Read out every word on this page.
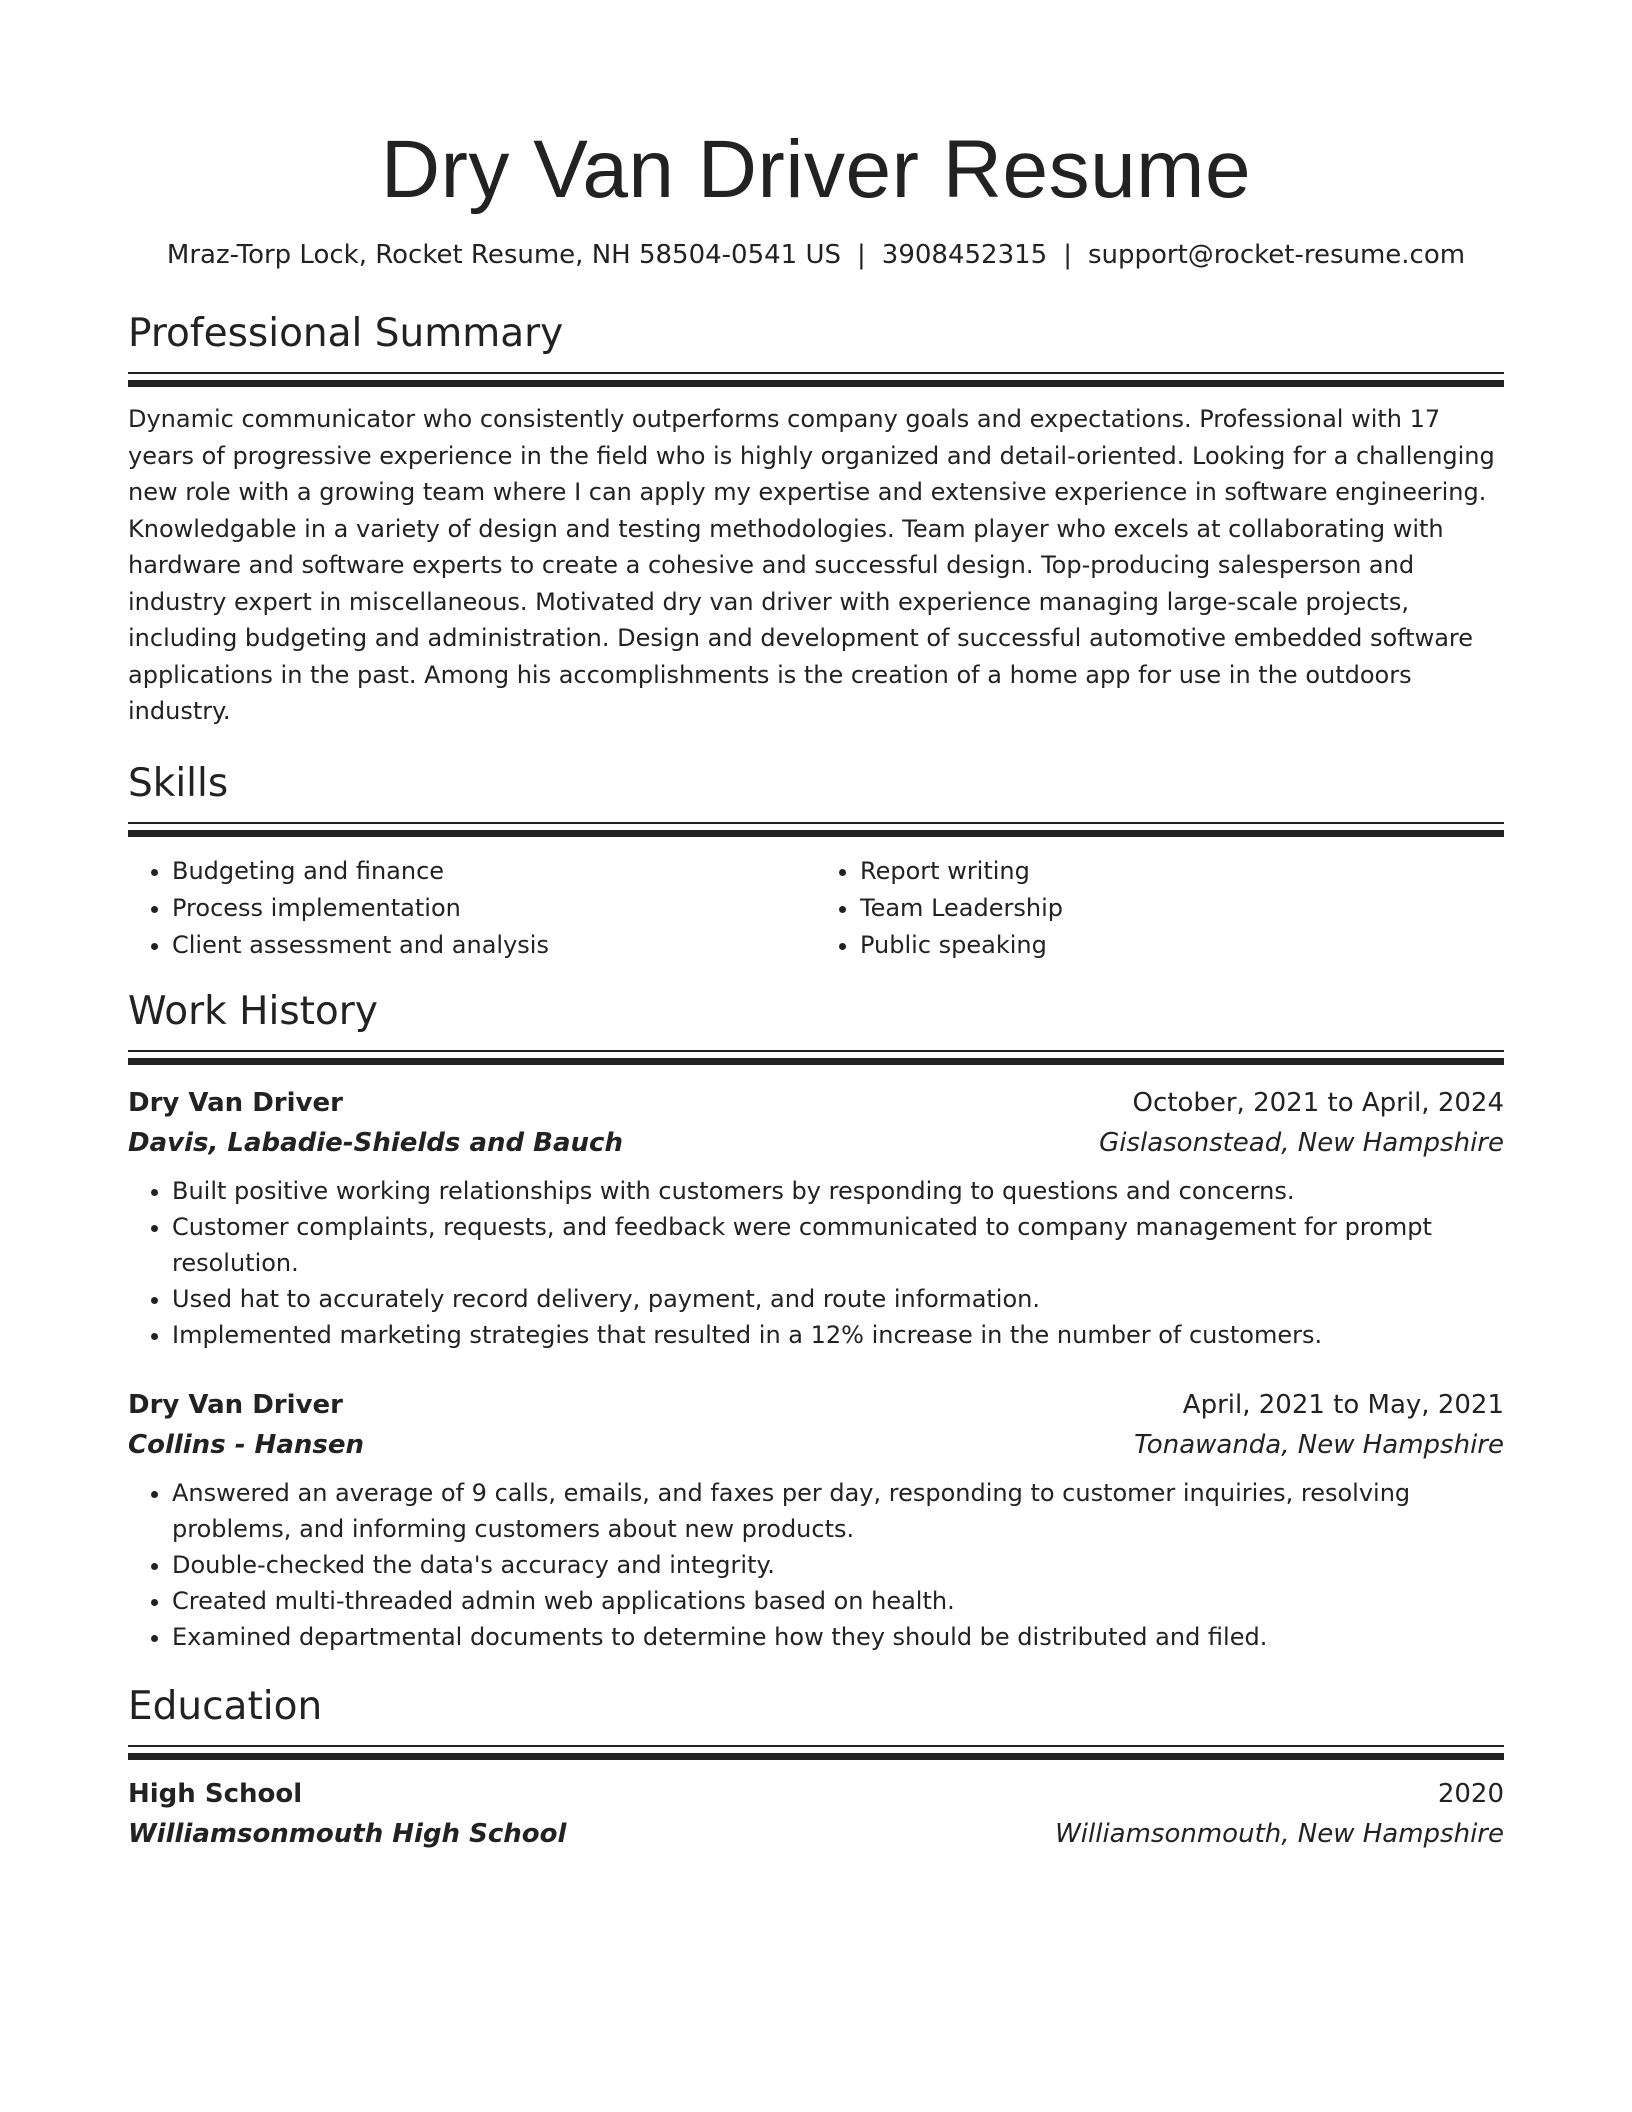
Dry Van Driver Resume
Mraz-Torp Lock, Rocket Resume, NH 58504-0541 US | 3908452315 | support@rocket-resume.com
Professional Summary
Dynamic communicator who consistently outperforms company goals and expectations. Professional with 17 years of progressive experience in the field who is highly organized and detail-oriented. Looking for a challenging new role with a growing team where I can apply my expertise and extensive experience in software engineering. Knowledgable in a variety of design and testing methodologies. Team player who excels at collaborating with hardware and software experts to create a cohesive and successful design. Top-producing salesperson and industry expert in miscellaneous. Motivated dry van driver with experience managing large-scale projects, including budgeting and administration. Design and development of successful automotive embedded software applications in the past. Among his accomplishments is the creation of a home app for use in the outdoors industry.
Skills
• Budgeting and finance
• Process implementation
• Client assessment and analysis
• Report writing
• Team Leadership
• Public speaking
Work History
Dry Van Driver	October, 2021 to April, 2024
Davis, Labadie-Shields and Bauch	Gislasonstead, New Hampshire
• Built positive working relationships with customers by responding to questions and concerns.
• Customer complaints, requests, and feedback were communicated to company management for prompt resolution.
• Used hat to accurately record delivery, payment, and route information.
• Implemented marketing strategies that resulted in a 12% increase in the number of customers.
Dry Van Driver	April, 2021 to May, 2021
Collins - Hansen	Tonawanda, New Hampshire
• Answered an average of 9 calls, emails, and faxes per day, responding to customer inquiries, resolving problems, and informing customers about new products.
• Double-checked the data's accuracy and integrity.
• Created multi-threaded admin web applications based on health.
• Examined departmental documents to determine how they should be distributed and filed.
Education
High School	2020
Williamsonmouth High School	Williamsonmouth, New Hampshire
